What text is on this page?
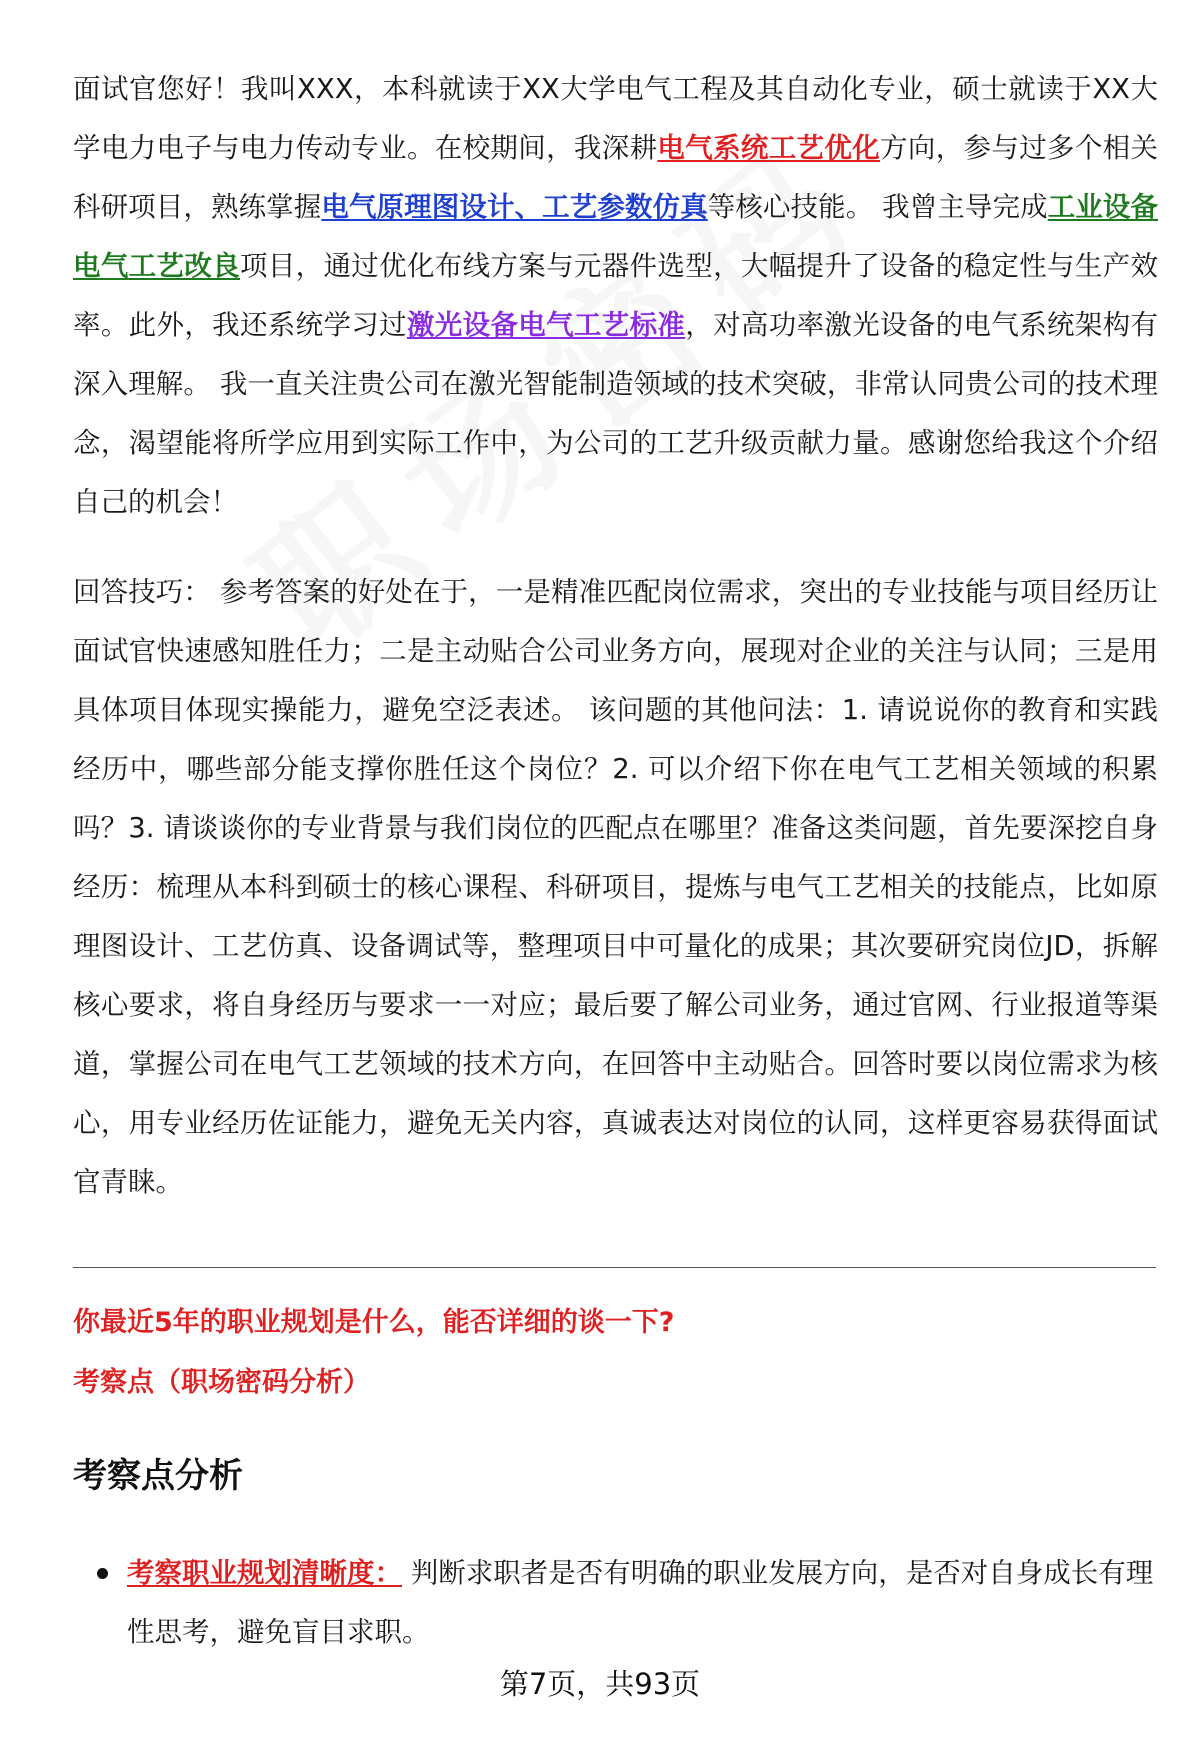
面试官您好！我叫XXX，本科就读于XX大学电气工程及其自动化专业，硕士就读于XX大学电力电子与电力传动专业。在校期间，我深耕电气系统工艺优化方向，参与过多个相关科研项目，熟练掌握电气原理图设计、工艺参数仿真等核心技能。 我曾主导完成工业设备电气工艺改良项目，通过优化布线方案与元器件选型，大幅提升了设备的稳定性与生产效率。此外，我还系统学习过激光设备电气工艺标准，对高功率激光设备的电气系统架构有深入理解。 我一直关注贵公司在激光智能制造领域的技术突破，非常认同贵公司的技术理念，渴望能将所学应用到实际工作中，为公司的工艺升级贡献力量。感谢您给我这个介绍自己的机会！

回答技巧： 参考答案的好处在于，一是精准匹配岗位需求，突出的专业技能与项目经历让面试官快速感知胜任力；二是主动贴合公司业务方向，展现对企业的关注与认同；三是用具体项目体现实操能力，避免空泛表述。 该问题的其他问法：1. 请说说你的教育和实践经历中，哪些部分能支撑你胜任这个岗位？2. 可以介绍下你在电气工艺相关领域的积累吗？3. 请谈谈你的专业背景与我们岗位的匹配点在哪里？准备这类问题，首先要深挖自身经历：梳理从本科到硕士的核心课程、科研项目，提炼与电气工艺相关的技能点，比如原理图设计、工艺仿真、设备调试等，整理项目中可量化的成果；其次要研究岗位JD，拆解核心要求，将自身经历与要求一一对应；最后要了解公司业务，通过官网、行业报道等渠道，掌握公司在电气工艺领域的技术方向，在回答中主动贴合。回答时要以岗位需求为核心，用专业经历佐证能力，避免无关内容，真诚表达对岗位的认同，这样更容易获得面试官青睐。

你最近5年的职业规划是什么，能否详细的谈一下?
考察点（职场密码分析）
考察点分析

考察职业规划清晰度： 判断求职者是否有明确的职业发展方向，是否对自身成长有理性思考，避免盲目求职。

第7页，共93页
